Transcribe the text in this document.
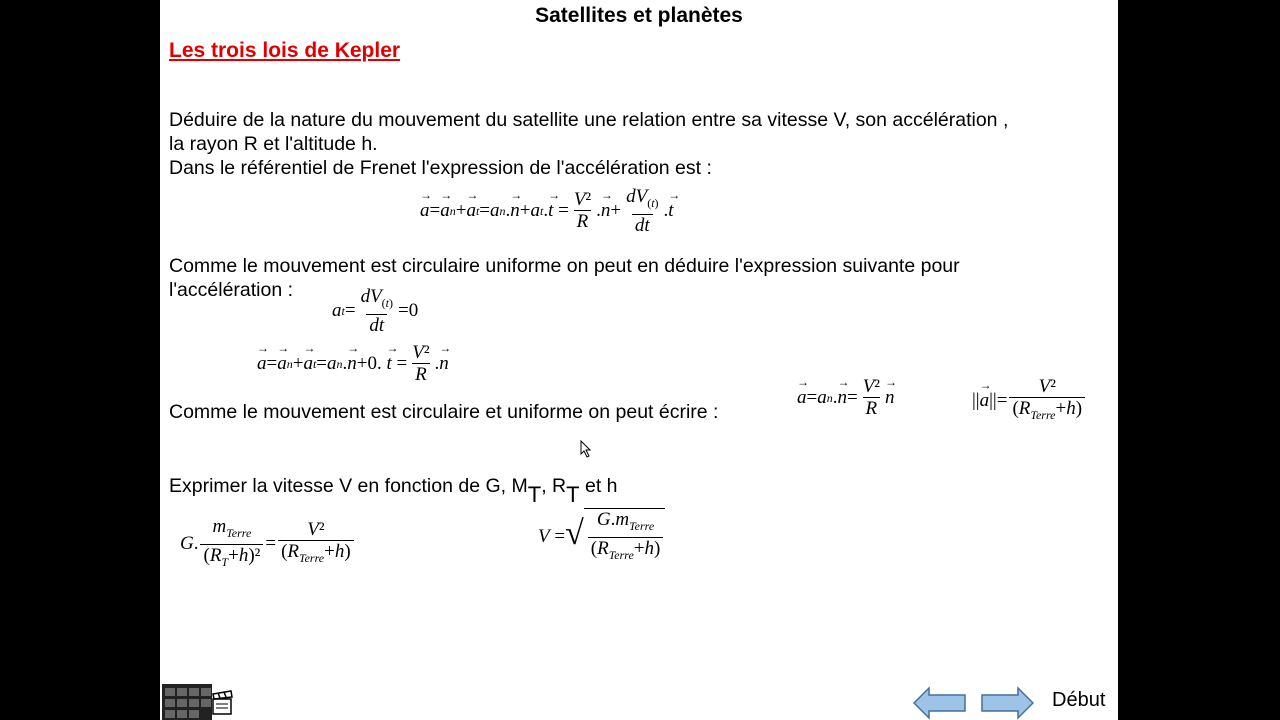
Satellites et planètes
Les trois lois de Kepler
Déduire de la nature du mouvement du satellite une relation entre sa vitesse V, son accélération ,
la rayon R et l'altitude h.
Dans le référentiel de Frenet l'expression de l'accélération est :
→ a =
→ a n +
→ a t = a n .
→ n + a t .
→ t
= $\frac{\text{V²}}{R}$ .
→ $n + \frac{dV_{(t)}}{dt}$ .
→ t
Comme le mouvement est circulaire uniforme on peut en déduire l'expression suivante pour
l'accélération :
a $t = \frac{dV_{(t)}}{dt} =0$
→ a =
→ a n +
→ a t = a n .
→ n +0.

→ t
= $\frac{\text{V²}}{R}$ .
→ n
Comme le mouvement est circulaire et uniforme on peut écrire :
→ a = a n .
→ $n = \frac{\text{V²}}{R}$
→ n	||
→ a ||= $\frac{\text{V²}}{(R_{Terre}+h)}$
Exprimer la vitesse V en fonction de G, MT, RT et h
G . $\frac{m_{Terre}}{(R_T+h)^2} = \frac{\text{V²}}{(R_{Terre}+h)}$	V = √ $\frac{G.m_{Terre}}{(R_{Terre}+h)}$
Début
